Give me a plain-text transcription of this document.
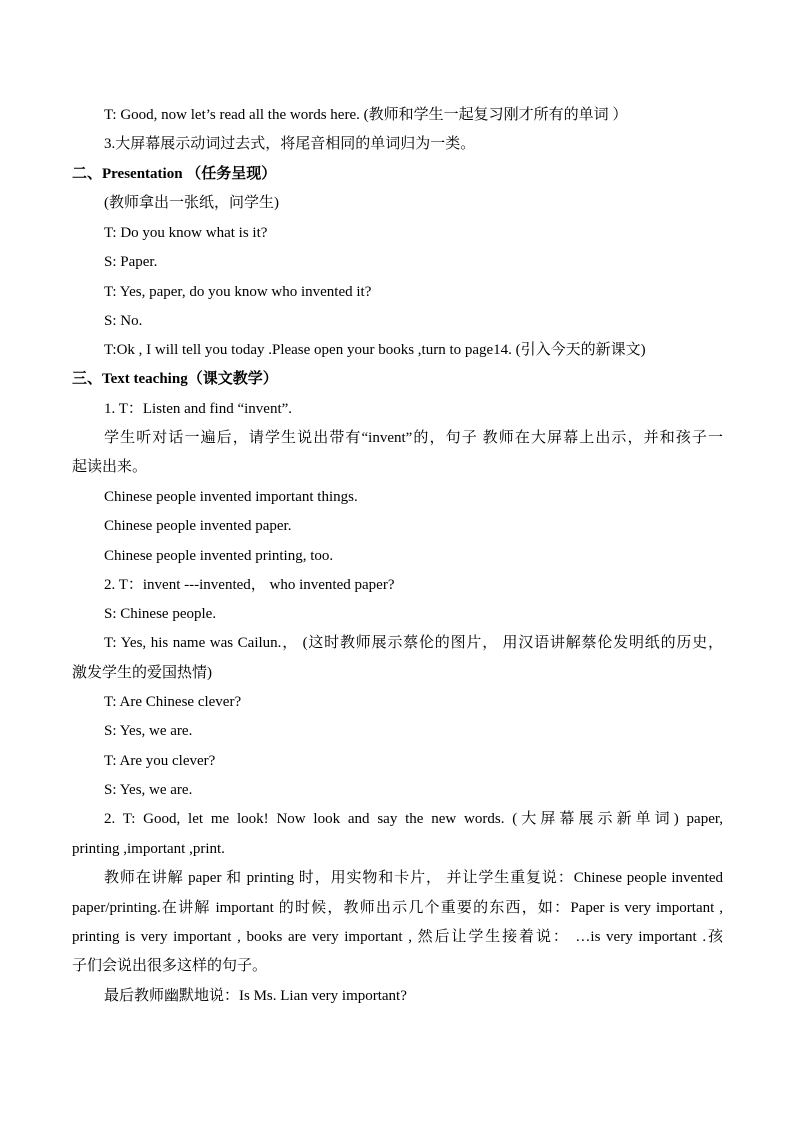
T: Good, now let’s read all the words here. (教师和学生一起复习刚才所有的单词 ）
3.大屏幕展示动词过去式，将尾音相同的单词归为一类。
二、Presentation （任务呈现）
(教师拿出一张纸，问学生)
T: Do you know what is it?
S: Paper.
T: Yes, paper, do you know who invented it?
S: No.
T:Ok , I will tell you today .Please open your books ,turn to page14. (引入今天的新课文)
三、Text teaching（课文教学）
1. T：Listen and find “invent”.
学生听对话一遍后，请学生说出带有“invent”的，句子 教师在大屏幕上出示，并和孩子一
起读出来。
Chinese people invented important things.
Chinese people invented paper.
Chinese people invented printing, too.
2. T：invent ---invented， who invented paper?
S: Chinese people.
T: Yes, his name was Cailun.， (这时教师展示蔡伦的图片， 用汉语讲解蔡伦发明纸的历史，
激发学生的爱国热情)
T: Are Chinese clever?
S: Yes, we are.
T: Are you clever?
S: Yes, we are.
2. T: Good, let me look! Now look and say the new words. (大屏幕展示新单词) paper,
printing ,important ,print.
教师在讲解 paper 和 printing 时，用实物和卡片， 并让学生重复说：Chinese people invented
paper/printing.在讲解 important 的时候，教师出示几个重要的东西，如：Paper is very important ,
printing is very important , books are very important , 然后让学生接着说： …is very important .孩
子们会说出很多这样的句子。
最后教师幽默地说：Is Ms. Lian very important?
